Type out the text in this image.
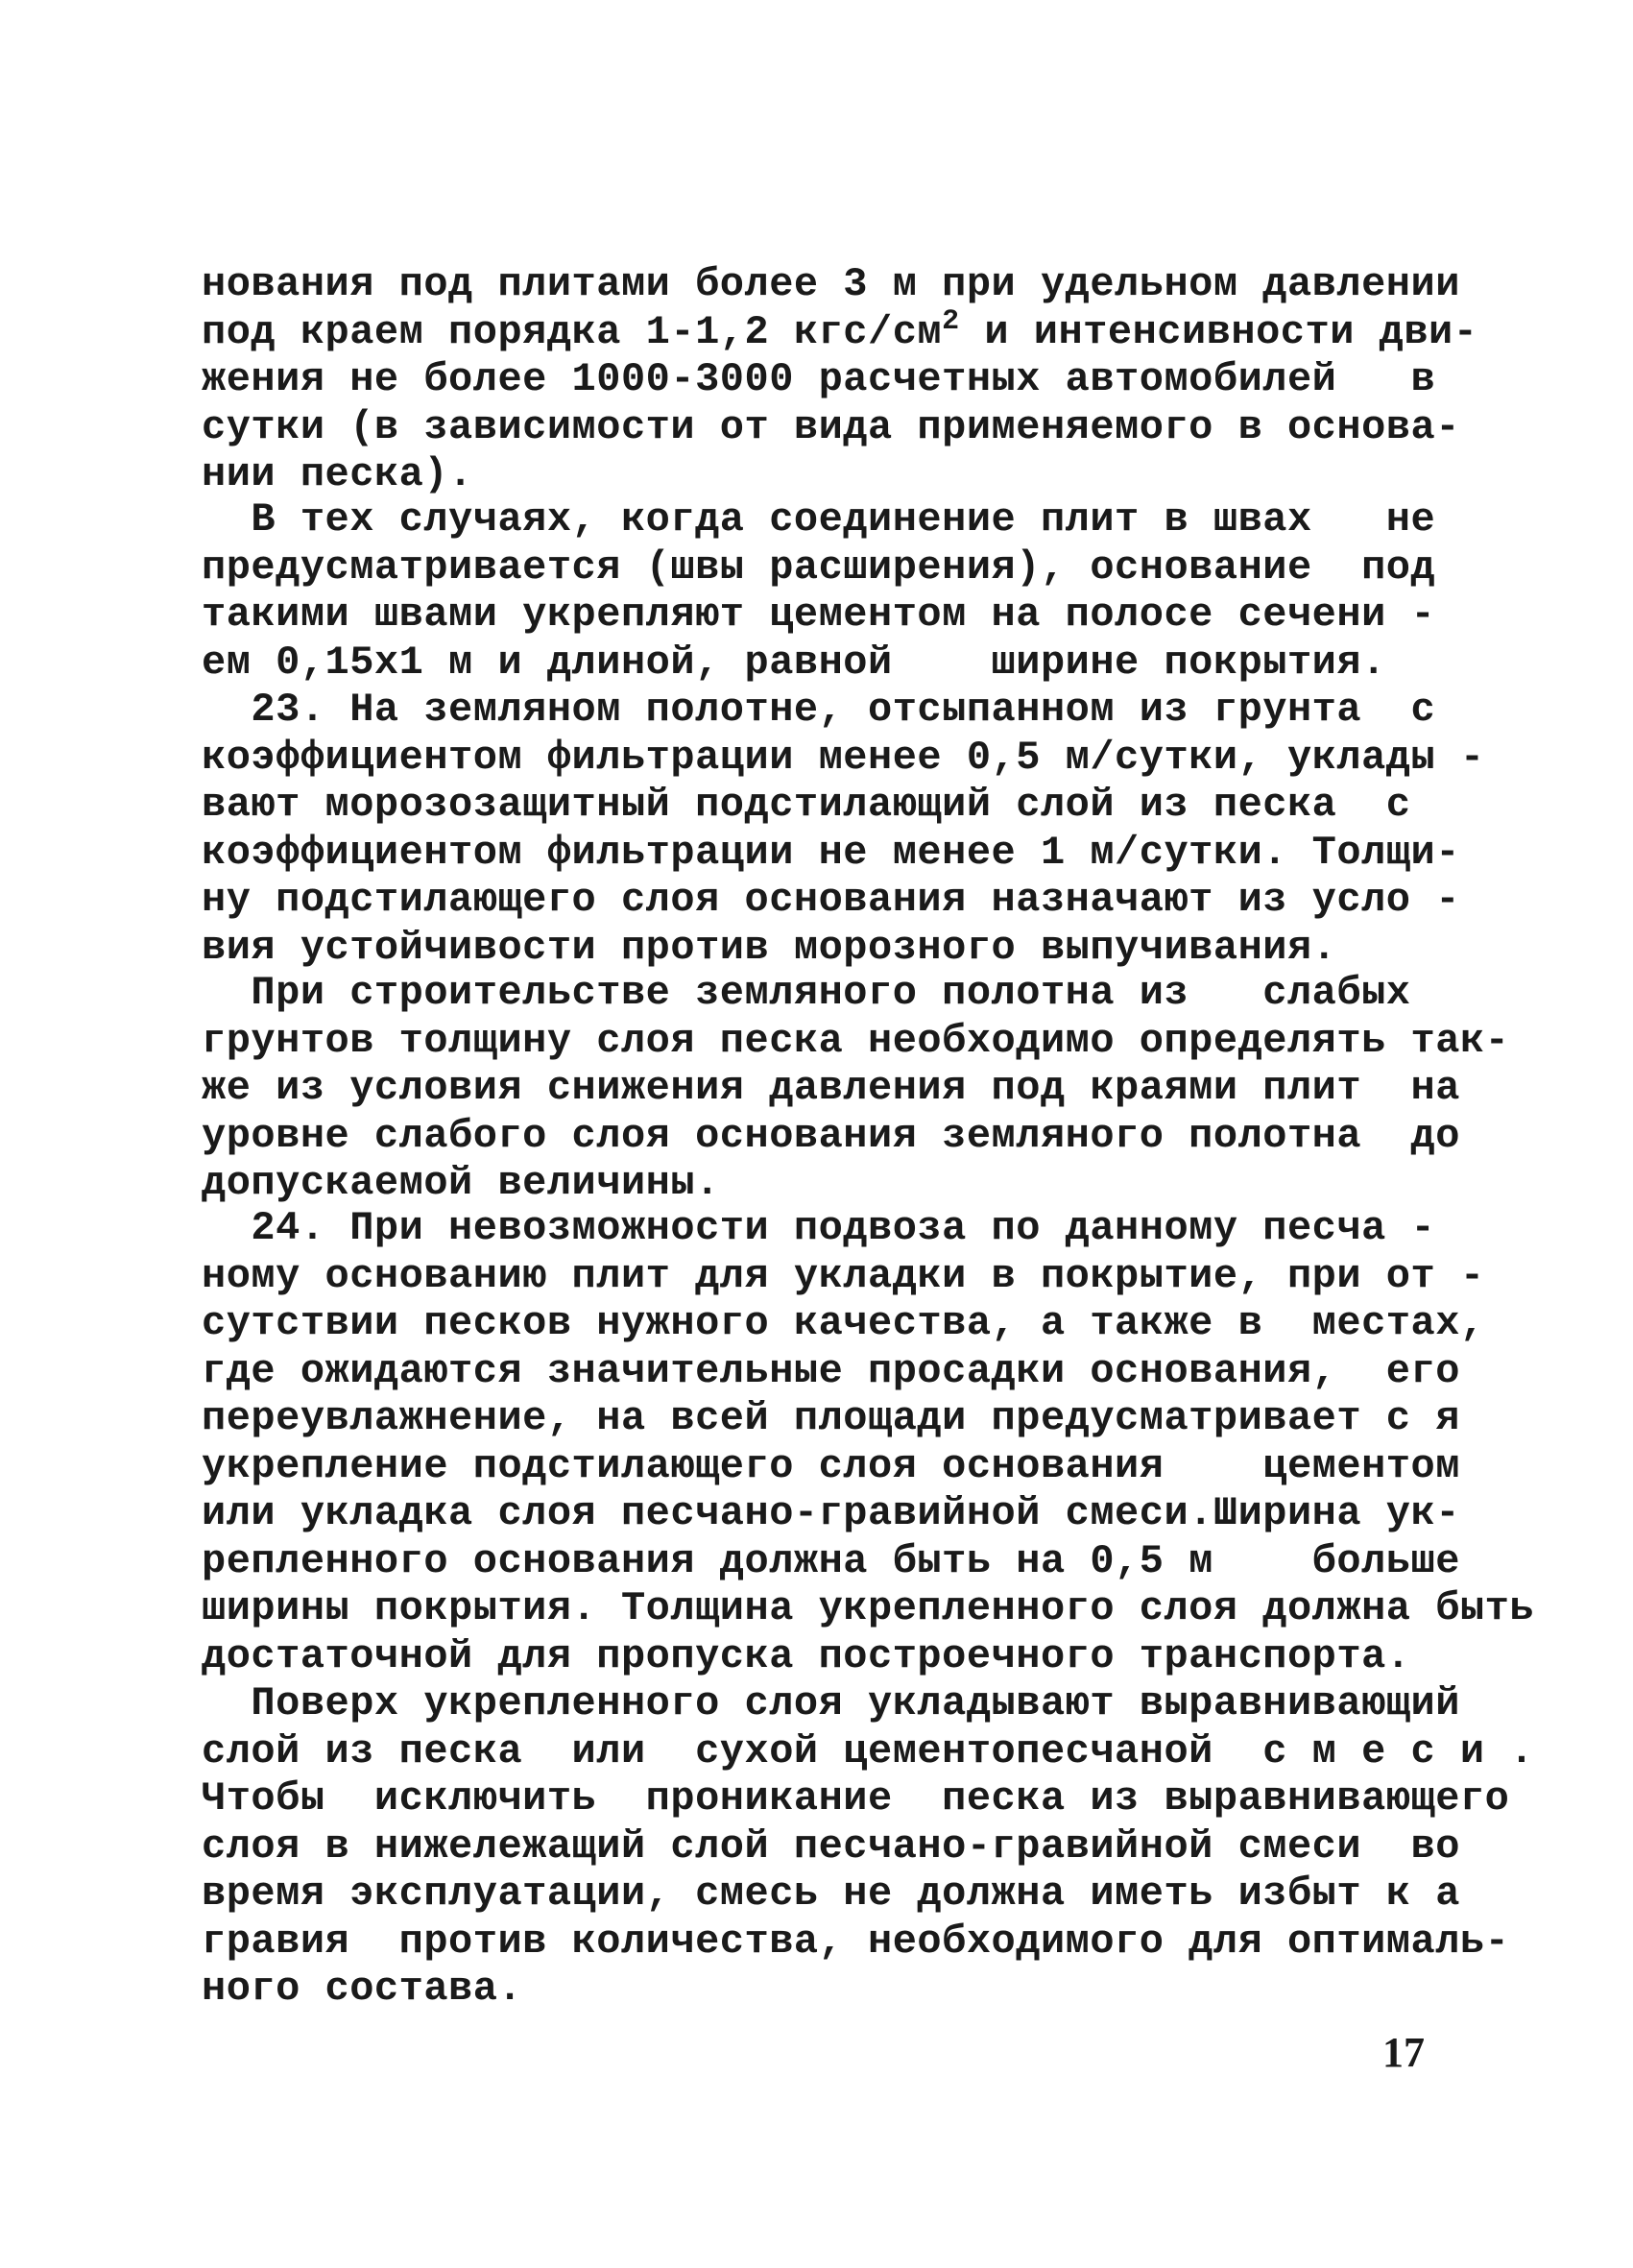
нования под плитами более 3 м при удельном давлении
под краем порядка 1-1,2 кгс/$см^2$ и интенсивности дви-
жения не более 1000-3000 расчетных автомобилей   в
сутки (в зависимости от вида применяемого в основа-
нии песка).
В тех случаях, когда соединение плит в швах   не
предусматривается (швы расширения), основание  под
такими швами укрепляют цементом на полосе сечени -
ем 0,15х1 м и длиной, равной    ширине покрытия.
23. На земляном полотне, отсыпанном из грунта  с
коэффициентом фильтрации менее 0,5 м/сутки, уклады -
вают морозозащитный подстилающий слой из песка  с
коэффициентом фильтрации не менее 1 м/сутки. Толщи-
ну подстилающего слоя основания назначают из усло -
вия устойчивости против морозного выпучивания.
При строительстве земляного полотна из   слабых
грунтов толщину слоя песка необходимо определять так-
же из условия снижения давления под краями плит  на
уровне слабого слоя основания земляного полотна  до
допускаемой величины.
24. При невозможности подвоза по данному песча -
ному основанию плит для укладки в покрытие, при от -
сутствии песков нужного качества, а также в  местах,
где ожидаются значительные просадки основания,  его
переувлажнение, на всей площади предусматривает с я
укрепление подстилающего слоя основания    цементом
или укладка слоя песчано-гравийной смеси.Ширина ук-
репленного основания должна быть на 0,5 м    больше
ширины покрытия. Толщина укрепленного слоя должна быть
достаточной для пропуска построечного транспорта.
Поверх укрепленного слоя укладывают выравнивающий
слой из песка  или  сухой цементопесчаной  с м е с и .
Чтобы  исключить  проникание  песка из выравнивающего
слоя в нижележащий слой песчано-гравийной смеси  во
время эксплуатации, смесь не должна иметь избыт к а
гравия  против количества, необходимого для оптималь-
ного состава.
17
